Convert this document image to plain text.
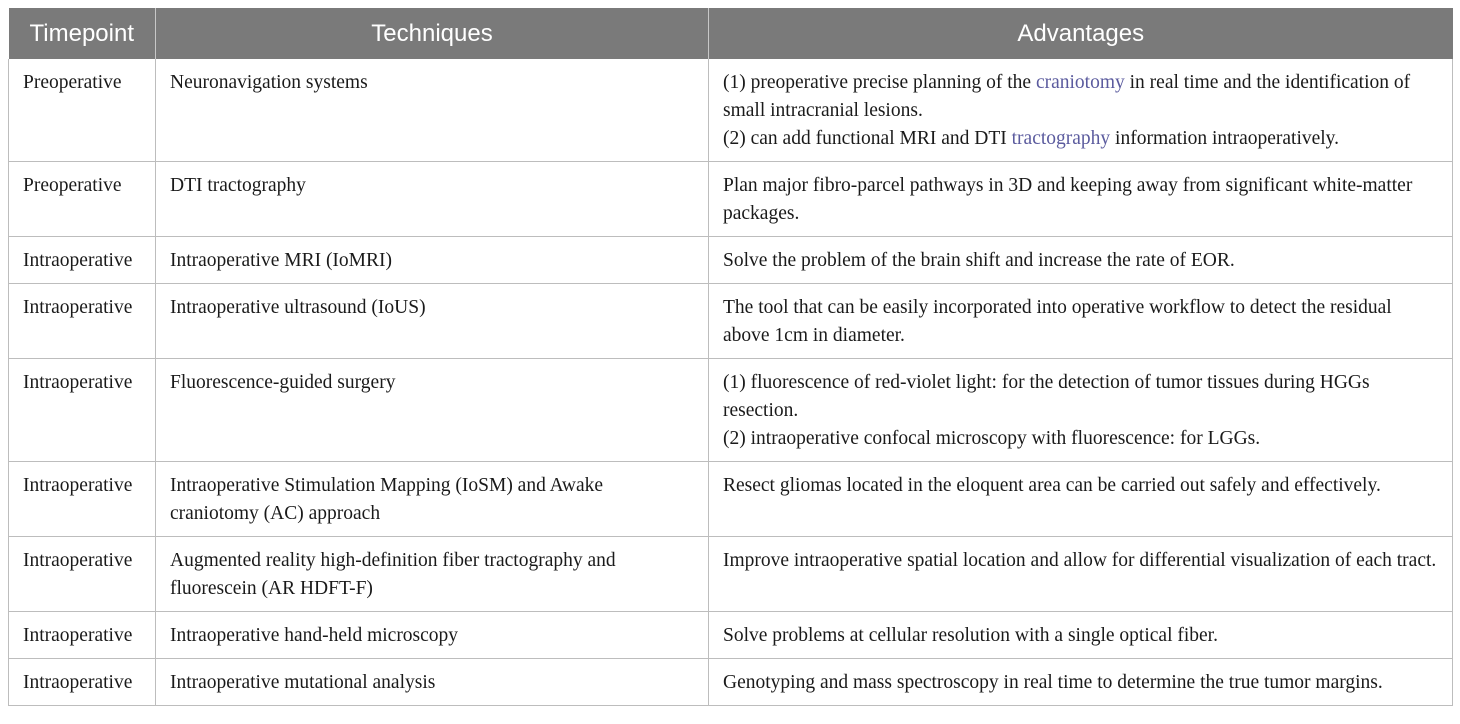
Timepoint	Techniques	Advantages
Preoperative	Neuronavigation systems	(1) preoperative precise planning of the craniotomy in real time and the identification of small intracranial lesions.
(2) can add functional MRI and DTI tractography information intraoperatively.

Preoperative	DTI tractography	Plan major fibro-parcel pathways in 3D and keeping away from significant white-matter packages.

Intraoperative	Intraoperative MRI (IoMRI)	Solve the problem of the brain shift and increase the rate of EOR.

Intraoperative	Intraoperative ultrasound (IoUS)	The tool that can be easily incorporated into operative workflow to detect the residual above 1cm in diameter.

Intraoperative	Fluorescence-guided surgery	(1) fluorescence of red-violet light: for the detection of tumor tissues during HGGs resection.
(2) intraoperative confocal microscopy with fluorescence: for LGGs.

Intraoperative	Intraoperative Stimulation Mapping (IoSM) and Awake craniotomy (AC) approach	Resect gliomas located in the eloquent area can be carried out safely and effectively.

Intraoperative	Augmented reality high-definition fiber tractography and fluorescein (AR HDFT-F)	Improve intraoperative spatial location and allow for differential visualization of each tract.

Intraoperative	Intraoperative hand-held microscopy	Solve problems at cellular resolution with a single optical fiber.

Intraoperative	Intraoperative mutational analysis	Genotyping and mass spectroscopy in real time to determine the true tumor margins.
